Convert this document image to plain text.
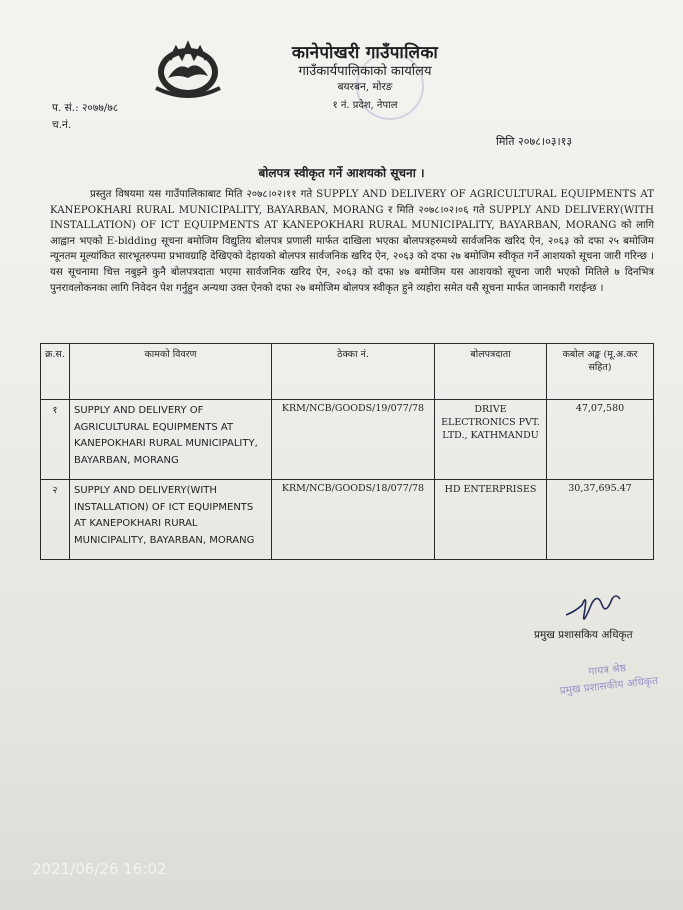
कानेपोखरी गाउँपालिका
गाउँकार्यपालिकाको कार्यालय
बयरबन, मोरङ
१ नं. प्रदेश, नेपाल
प. सं.: २०७७/७८
च.नं.
मिति २०७८।०३।१३
बोलपत्र स्वीकृत गर्ने आशयको सूचना ।
प्रस्तुत विषयमा यस गाउँपालिकाबाट मिति २०७८।०२।११ गते SUPPLY AND DELIVERY OF AGRICULTURAL EQUIPMENTS AT KANEPOKHARI RURAL MUNICIPALITY, BAYARBAN, MORANG र मिति २०७८।०२।०६ गते SUPPLY AND DELIVERY(WITH INSTALLATION) OF ICT EQUIPMENTS AT KANEPOKHARI RURAL MUNICIPALITY, BAYARBAN, MORANG को लागि आह्वान भएको E-bidding सूचना बमोजिम विद्युतिय बोलपत्र प्रणाली मार्फत दाखिला भएका बोलपत्रहरुमध्ये सार्वजनिक खरिद ऐन, २०६३ को दफा २५ बमोजिम न्यूनतम मूल्यांकित सारभूतरुपमा प्रभावग्राहि देखिएको देहायको बोलपत्र सार्वजनिक खरिद ऐन, २०६३ को दफा २७ बमोजिम स्वीकृत गर्ने आशयको सूचना जारी गरिन्छ । यस सूचनामा चित्त नबुझ्ने कुनै बोलपत्रदाता भएमा सार्वजनिक खरिद ऐन, २०६३ को दफा ४७ बमोजिम यस आशयको सूचना जारी भएको मितिले ७ दिनभित्र पुनरावलोकनका लागि निवेदन पेश गर्नुहुन अन्यथा उक्त ऐनको दफा २७ बमोजिम बोलपत्र स्वीकृत हुने व्यहोरा समेत यसै सूचना मार्फत जानकारी गराईन्छ ।
क्र.स.	कामको विवरण	ठेक्का नं.	बोलपत्रदाता	कबोल अङ्क (मू.अ.कर सहित)
१	SUPPLY AND DELIVERY OF AGRICULTURAL EQUIPMENTS AT KANEPOKHARI RURAL MUNICIPALITY, BAYARBAN, MORANG	KRM/NCB/GOODS/19/077/78	DRIVE ELECTRONICS PVT. LTD., KATHMANDU	47,07,580
२	SUPPLY AND DELIVERY(WITH INSTALLATION) OF ICT EQUIPMENTS AT KANEPOKHARI RURAL MUNICIPALITY, BAYARBAN, MORANG	KRM/NCB/GOODS/18/077/78	HD ENTERPRISES	30,37,695.47
प्रमुख प्रशासकिय अधिकृत
गायत्र श्रेष्ठ
प्रमुख प्रशासकीय अधिकृत
2021/06/26 16:02
